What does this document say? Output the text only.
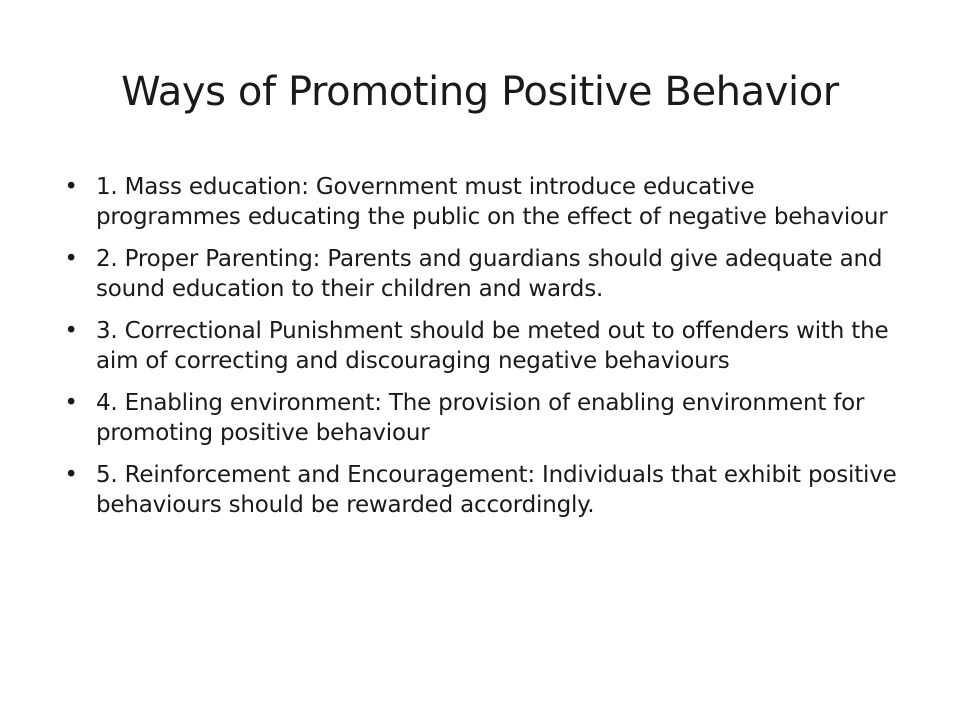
Ways of Promoting Positive Behavior
• 1. Mass education: Government must introduce educative programmes educating the public on the effect of negative behaviour
• 2. Proper Parenting: Parents and guardians should give adequate and sound education to their children and wards.
• 3. Correctional Punishment should be meted out to offenders with the aim of correcting and discouraging negative behaviours
• 4. Enabling environment: The provision of enabling environment for promoting positive behaviour
• 5. Reinforcement and Encouragement: Individuals that exhibit positive behaviours should be rewarded accordingly.
